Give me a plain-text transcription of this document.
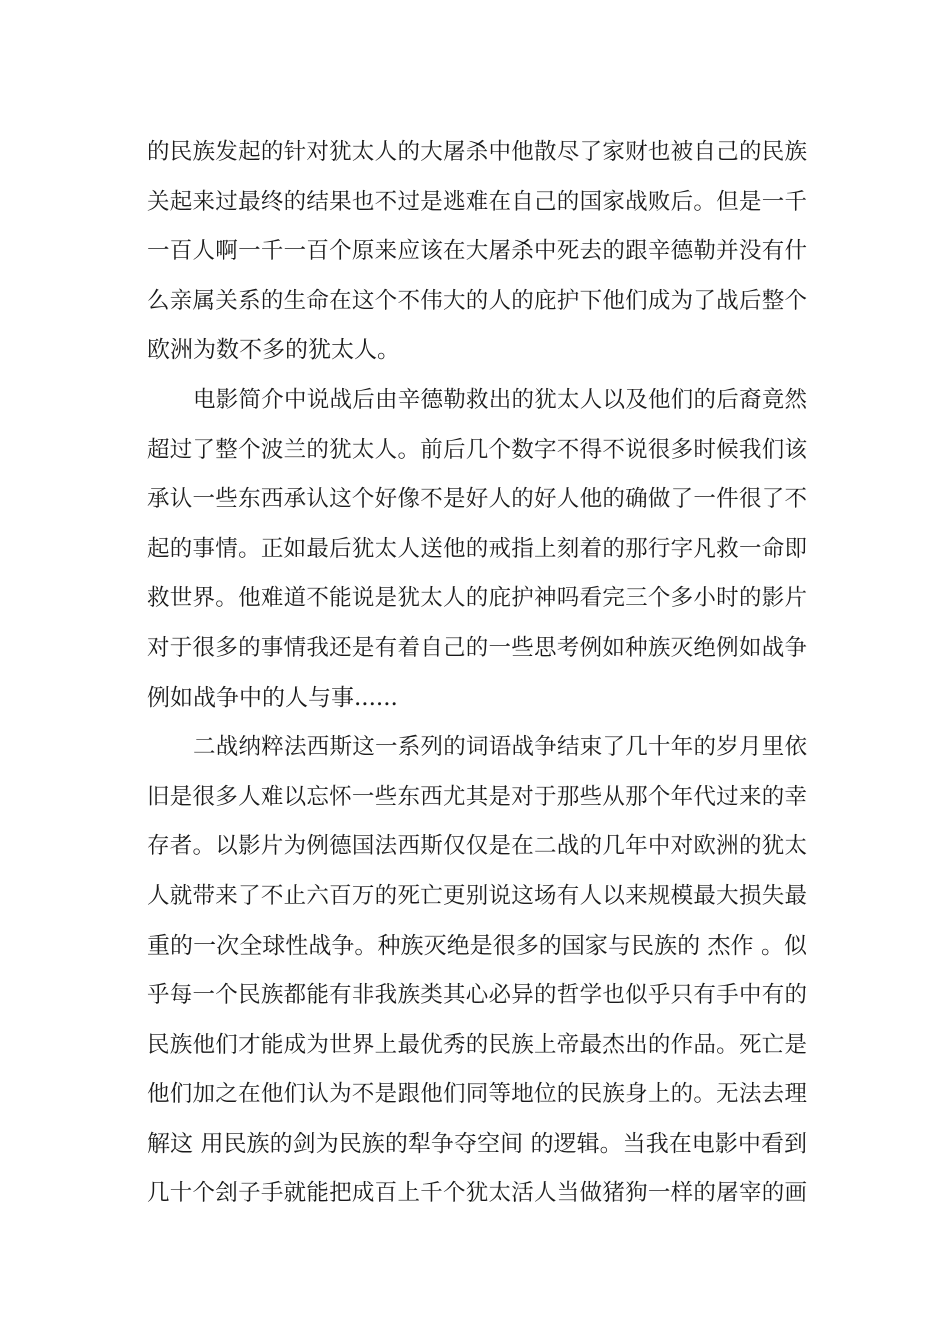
的民族发起的针对犹太人的大屠杀中他散尽了家财也被自己的民族
关起来过最终的结果也不过是逃难在自己的国家战败后。但是一千
一百人啊一千一百个原来应该在大屠杀中死去的跟辛德勒并没有什
么亲属关系的生命在这个不伟大的人的庇护下他们成为了战后整个
欧洲为数不多的犹太人。
电影简介中说战后由辛德勒救出的犹太人以及他们的后裔竟然
超过了整个波兰的犹太人。前后几个数字不得不说很多时候我们该
承认一些东西承认这个好像不是好人的好人他的确做了一件很了不
起的事情。正如最后犹太人送他的戒指上刻着的那行字凡救一命即
救世界。他难道不能说是犹太人的庇护神吗看完三个多小时的影片
对于很多的事情我还是有着自己的一些思考例如种族灭绝例如战争
例如战争中的人与事......
二战纳粹法西斯这一系列的词语战争结束了几十年的岁月里依
旧是很多人难以忘怀一些东西尤其是对于那些从那个年代过来的幸
存者。以影片为例德国法西斯仅仅是在二战的几年中对欧洲的犹太
人就带来了不止六百万的死亡更别说这场有人以来规模最大损失最
重的一次全球性战争。种族灭绝是很多的国家与民族的 杰作 。似
乎每一个民族都能有非我族类其心必异的哲学也似乎只有手中有的
民族他们才能成为世界上最优秀的民族上帝最杰出的作品。死亡是
他们加之在他们认为不是跟他们同等地位的民族身上的。无法去理
解这 用民族的剑为民族的犁争夺空间 的逻辑。当我在电影中看到
几十个刽子手就能把成百上千个犹太活人当做猪狗一样的屠宰的画
